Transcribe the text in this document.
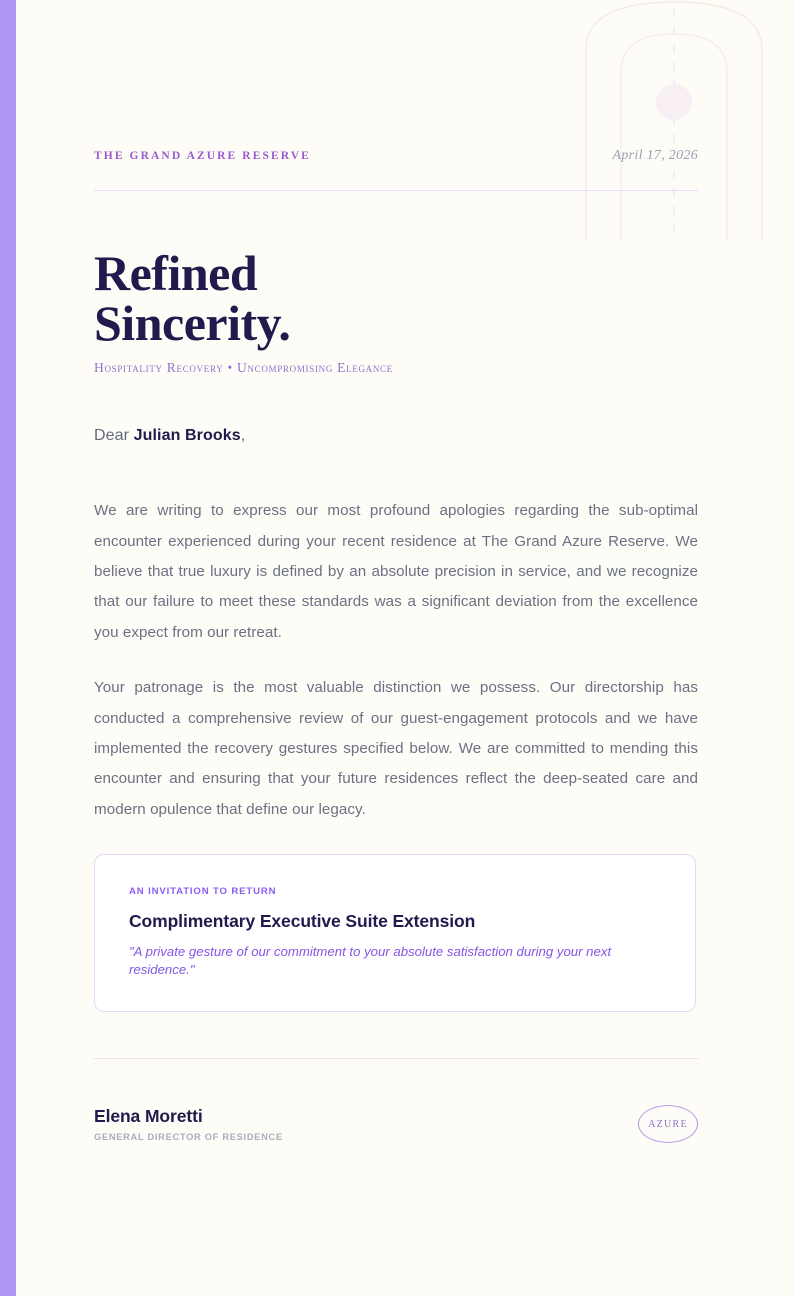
THE GRAND AZURE RESERVE	April 17, 2026
Refined
Sincerity.
Hospitality Recovery • Uncompromising Elegance
Dear Julian Brooks,

We are writing to express our most profound apologies regarding the sub-optimal encounter experienced during your recent residence at The Grand Azure Reserve. We believe that true luxury is defined by an absolute precision in service, and we recognize that our failure to meet these standards was a significant deviation from the excellence you expect from our retreat.

Your patronage is the most valuable distinction we possess. Our directorship has conducted a comprehensive review of our guest-engagement protocols and we have implemented the recovery gestures specified below. We are committed to mending this encounter and ensuring that your future residences reflect the deep-seated care and modern opulence that define our legacy.

AN INVITATION TO RETURN
Complimentary Executive Suite Extension
"A private gesture of our commitment to your absolute satisfaction during your next residence."
Elena Moretti
GENERAL DIRECTOR OF RESIDENCE
AZURE
